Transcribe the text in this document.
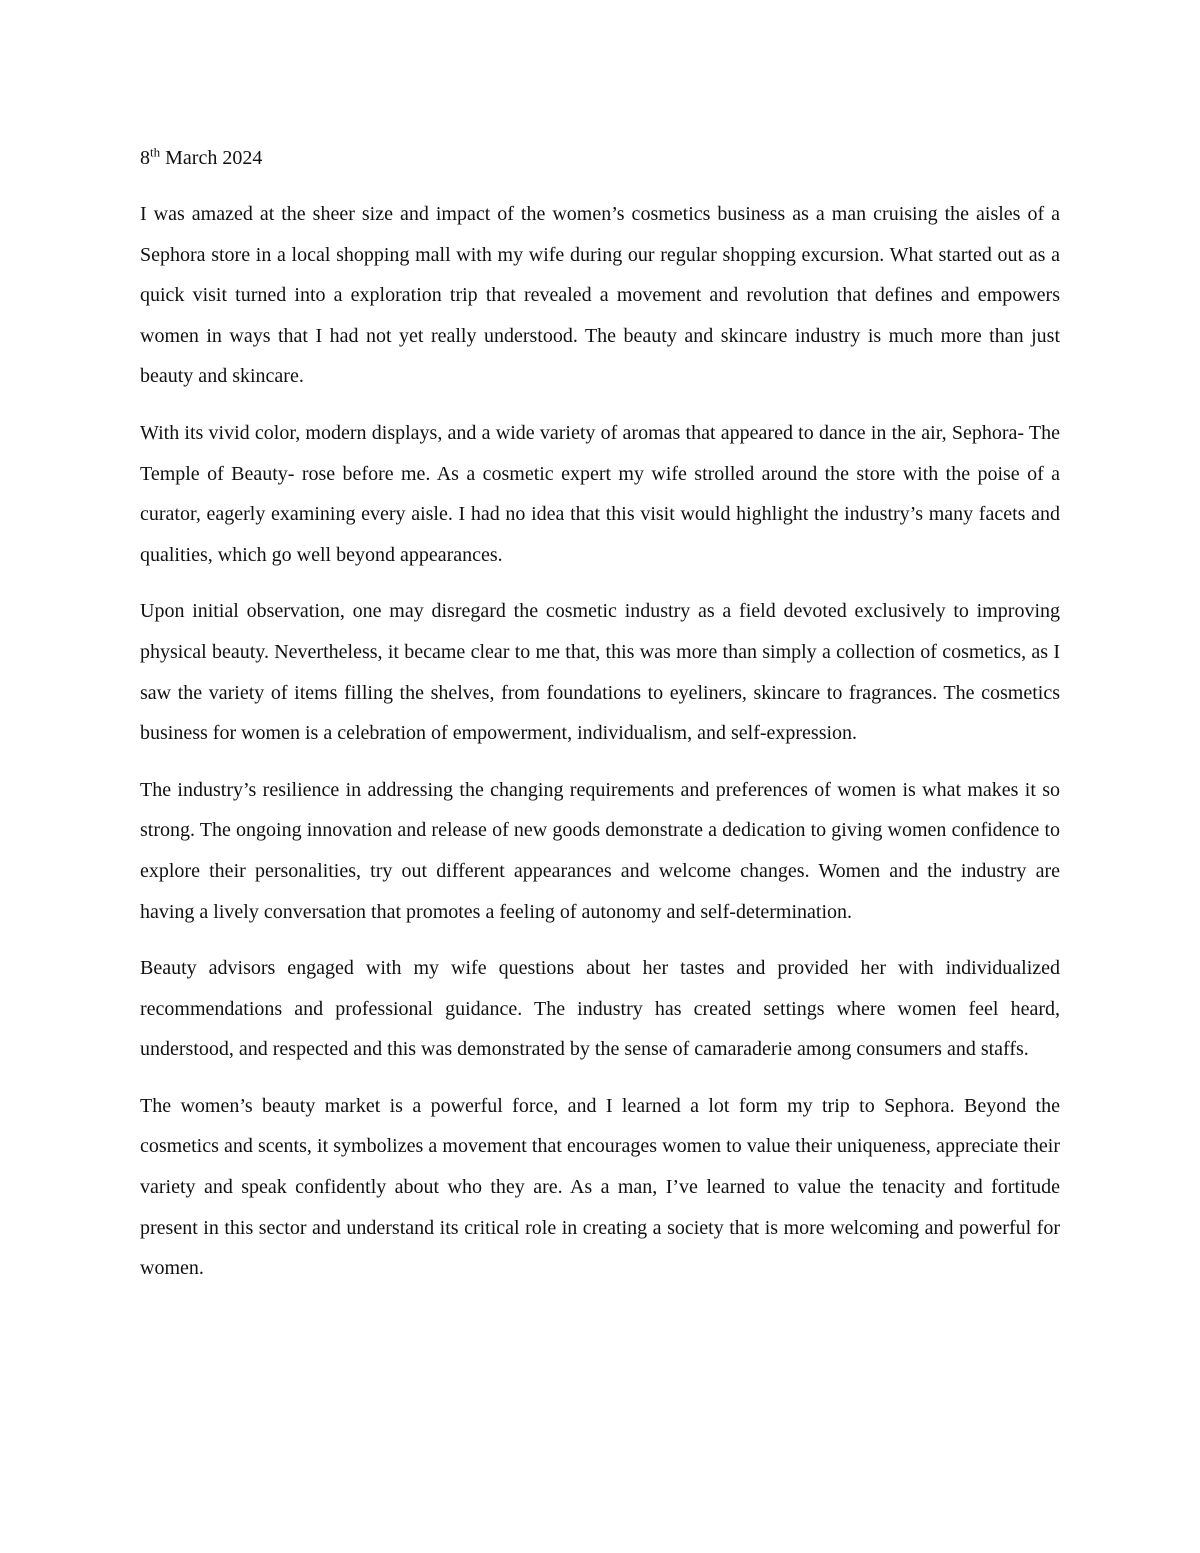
8th March 2024

I was amazed at the sheer size and impact of the women’s cosmetics business as a man cruising the aisles of a Sephora store in a local shopping mall with my wife during our regular shopping excursion. What started out as a quick visit turned into a exploration trip that revealed a movement and revolution that defines and empowers women in ways that I had not yet really understood. The beauty and skincare industry is much more than just beauty and skincare.

With its vivid color, modern displays, and a wide variety of aromas that appeared to dance in the air, Sephora- The Temple of Beauty- rose before me. As a cosmetic expert my wife strolled around the store with the poise of a curator, eagerly examining every aisle. I had no idea that this visit would highlight the industry’s many facets and qualities, which go well beyond appearances.

Upon initial observation, one may disregard the cosmetic industry as a field devoted exclusively to improving physical beauty. Nevertheless, it became clear to me that, this was more than simply a collection of cosmetics, as I saw the variety of items filling the shelves, from foundations to eyeliners, skincare to fragrances. The cosmetics business for women is a celebration of empowerment, individualism, and self-expression.

The industry’s resilience in addressing the changing requirements and preferences of women is what makes it so strong. The ongoing innovation and release of new goods demonstrate a dedication to giving women confidence to explore their personalities, try out different appearances and welcome changes. Women and the industry are having a lively conversation that promotes a feeling of autonomy and self-determination.

Beauty advisors engaged with my wife questions about her tastes and provided her with individualized recommendations and professional guidance. The industry has created settings where women feel heard, understood, and respected and this was demonstrated by the sense of camaraderie among consumers and staffs.

The women’s beauty market is a powerful force, and I learned a lot form my trip to Sephora. Beyond the cosmetics and scents, it symbolizes a movement that encourages women to value their uniqueness, appreciate their variety and speak confidently about who they are. As a man, I’ve learned to value the tenacity and fortitude present in this sector and understand its critical role in creating a society that is more welcoming and powerful for women.
